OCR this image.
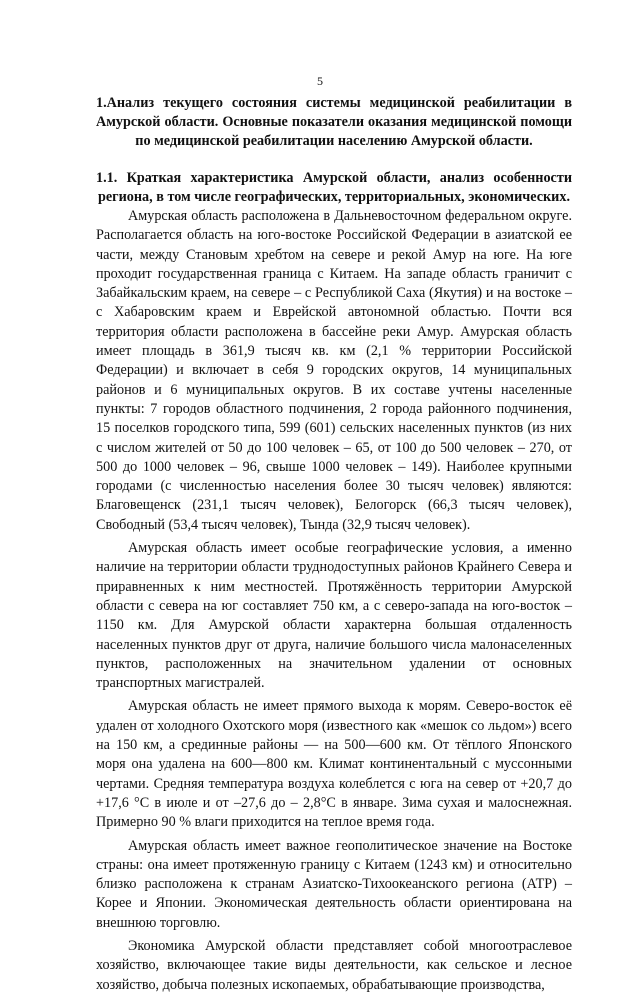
5

1.Анализ текущего состояния системы медицинской реабилитации в Амурской области. Основные показатели оказания медицинской помощи по медицинской реабилитации населению Амурской области.

1.1. Краткая характеристика Амурской области, анализ особенности региона, в том числе географических, территориальных, экономических.

Амурская область расположена в Дальневосточном федеральном округе. Располагается область на юго-востоке Российской Федерации в азиатской ее части, между Становым хребтом на севере и рекой Амур на юге. На юге проходит государственная граница с Китаем. На западе область граничит с Забайкальским краем, на севере – с Республикой Саха (Якутия) и на востоке – с Хабаровским краем и Еврейской автономной областью. Почти вся территория области расположена в бассейне реки Амур. Амурская область имеет площадь в 361,9 тысяч кв. км (2,1 % территории Российской Федерации) и включает в себя 9 городских округов, 14 муниципальных районов и 6 муниципальных округов. В их составе учтены населенные пункты: 7 городов областного подчинения, 2 города районного подчинения, 15 поселков городского типа, 599 (601) сельских населенных пунктов (из них с числом жителей от 50 до 100 человек – 65, от 100 до 500 человек – 270, от 500 до 1000 человек – 96, свыше 1000 человек – 149). Наиболее крупными городами (с численностью населения более 30 тысяч человек) являются: Благовещенск (231,1 тысяч человек), Белогорск (66,3 тысяч человек), Свободный (53,4 тысяч человек), Тында (32,9 тысяч человек).

Амурская область имеет особые географические условия, а именно наличие на территории области труднодоступных районов Крайнего Севера и приравненных к ним местностей. Протяжённость территории Амурской области с севера на юг составляет 750 км, а с северо-запада на юго-восток – 1150 км. Для Амурской области характерна большая отдаленность населенных пунктов друг от друга, наличие большого числа малонаселенных пунктов, расположенных на значительном удалении от основных транспортных магистралей.

Амурская область не имеет прямого выхода к морям. Северо-восток её удален от холодного Охотского моря (известного как «мешок со льдом») всего на 150 км, а срединные районы — на 500—600 км. От тёплого Японского моря она удалена на 600—800 км. Климат континентальный с муссонными чертами. Средняя температура воздуха колеблется с юга на север от +20,7 до +17,6 °С в июле и от –27,6 до – 2,8°С в январе. Зима сухая и малоснежная. Примерно 90 % влаги приходится на теплое время года.

Амурская область имеет важное геополитическое значение на Востоке страны: она имеет протяженную границу с Китаем (1243 км) и относительно близко расположена к странам Азиатско-Тихоокеанского региона (АТР) – Корее и Японии. Экономическая деятельность области ориентирована на внешнюю торговлю.

Экономика Амурской области представляет собой многоотраслевое хозяйство, включающее такие виды деятельности, как сельское и лесное хозяйство, добыча полезных ископаемых, обрабатывающие производства,
